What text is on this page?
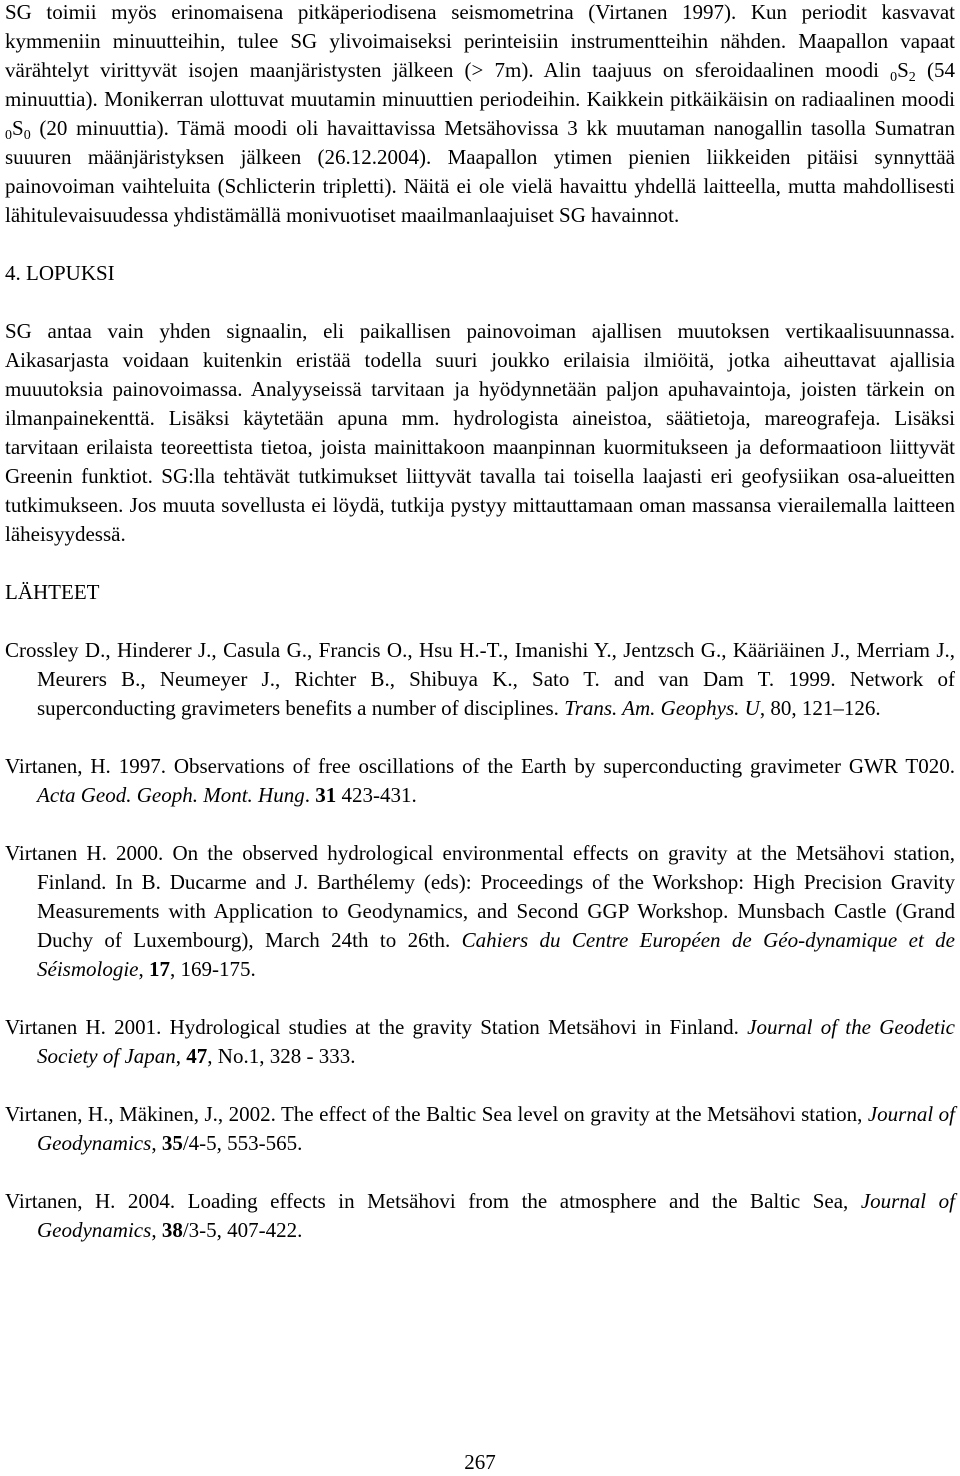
SG toimii myös erinomaisena pitkäperiodisena seismometrina (Virtanen 1997). Kun periodit kasvavat kymmeniin minuutteihin, tulee SG ylivoimaiseksi perinteisiin instrumentteihin nähden. Maapallon vapaat värähtelyt virittyvät isojen maanjäristysten jälkeen (> 7m). Alin taajuus on sferoidaalinen moodi $0S_2$ (54 minuuttia). Monikerran ulottuvat muutamin minuuttien periodeihin. Kaikkein pitkäikäisin on radiaalinen moodi $0S_0$ (20 minuuttia). Tämä moodi oli havaittavissa Metsähovissa 3 kk muutaman nanogallin tasolla Sumatran suuuren määnjäristyksen jälkeen (26.12.2004). Maapallon ytimen pienien liikkeiden pitäisi synnyttää painovoiman vaihteluita (Schlicterin tripletti). Näitä ei ole vielä havaittu yhdellä laitteella, mutta mahdollisesti lähitulevaisuudessa yhdistämällä monivuotiset maailmanlaajuiset SG havainnot.

4. LOPUKSI

SG antaa vain yhden signaalin, eli paikallisen painovoiman ajallisen muutoksen vertikaalisuunnassa. Aikasarjasta voidaan kuitenkin eristää todella suuri joukko erilaisia ilmiöitä, jotka aiheuttavat ajallisia muuutoksia painovoimassa. Analyyseissä tarvitaan ja hyödynnetään paljon apuhavaintoja, joisten tärkein on ilmanpainekenttä. Lisäksi käytetään apuna mm. hydrologista aineistoa, säätietoja, mareografeja. Lisäksi tarvitaan erilaista teoreettista tietoa, joista mainittakoon maanpinnan kuormitukseen ja deformaatioon liittyvät Greenin funktiot. SG:lla tehtävät tutkimukset liittyvät tavalla tai toisella laajasti eri geofysiikan osa-alueitten tutkimukseen. Jos muuta sovellusta ei löydä, tutkija pystyy mittauttamaan oman massansa vierailemalla laitteen läheisyydessä.

LÄHTEET

Crossley D., Hinderer J., Casula G., Francis O., Hsu H.-T., Imanishi Y., Jentzsch G., Kääriäinen J., Merriam J., Meurers B., Neumeyer J., Richter B., Shibuya K., Sato T. and van Dam T. 1999. Network of superconducting gravimeters benefits a number of disciplines. Trans. Am. Geophys. U, 80, 121–126.

Virtanen, H. 1997. Observations of free oscillations of the Earth by superconducting gravimeter GWR T020. Acta Geod. Geoph. Mont. Hung. 31 423-431.

Virtanen H. 2000. On the observed hydrological environmental effects on gravity at the Metsähovi station, Finland. In B. Ducarme and J. Barthélemy (eds): Proceedings of the Workshop: High Precision Gravity Measurements with Application to Geodynamics, and Second GGP Workshop. Munsbach Castle (Grand Duchy of Luxembourg), March 24th to 26th. Cahiers du Centre Européen de Géo-dynamique et de Séismologie, 17, 169-175.

Virtanen H. 2001. Hydrological studies at the gravity Station Metsähovi in Finland. Journal of the Geodetic Society of Japan, 47, No.1, 328 - 333.

Virtanen, H., Mäkinen, J., 2002. The effect of the Baltic Sea level on gravity at the Metsähovi station, Journal of Geodynamics, 35/4-5, 553-565.

Virtanen, H. 2004. Loading effects in Metsähovi from the atmosphere and the Baltic Sea, Journal of Geodynamics, 38/3-5, 407-422.

267
